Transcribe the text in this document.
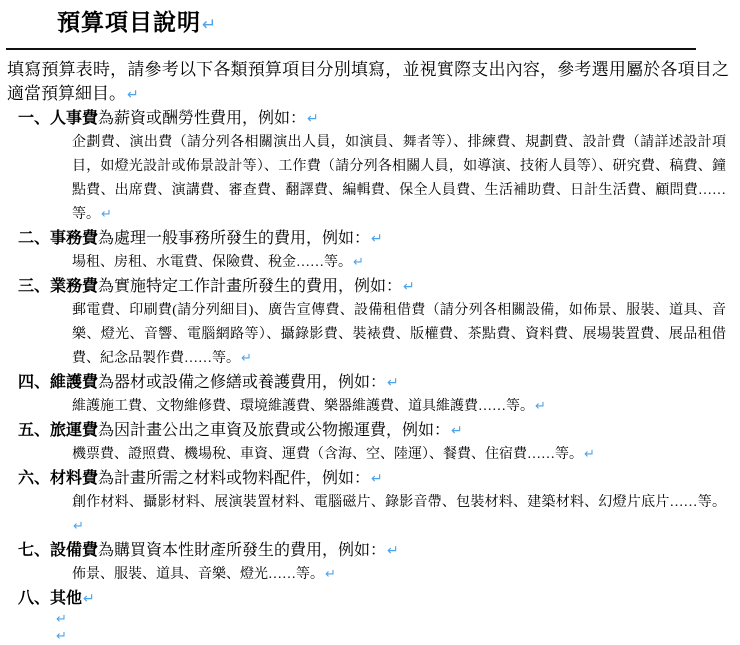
預算項目說明↵

填寫預算表時，請參考以下各類預算項目分別填寫，並視實際支出內容，參考選用屬於各項目之適當預算細目。↵

一、人事費為薪資或酬勞性費用，例如：↵

企劃費、演出費（請分列各相關演出人員，如演員、舞者等）、排練費、規劃費、設計費（請詳述設計項目，如燈光設計或佈景設計等）、工作費（請分列各相關人員，如導演、技術人員等）、研究費、稿費、鐘點費、出席費、演講費、審查費、翻譯費、編輯費、保全人員費、生活補助費、日計生活費、顧問費……等。↵

二、事務費為處理一般事務所發生的費用，例如：↵

場租、房租、水電費、保險費、稅金……等。↵

三、業務費為實施特定工作計畫所發生的費用，例如：↵

郵電費、印刷費(請分列細目)、廣告宣傳費、設備租借費（請分列各相關設備，如佈景、服裝、道具、音樂、燈光、音響、電腦網路等）、攝錄影費、裝裱費、版權費、茶點費、資料費、展場裝置費、展品租借費、紀念品製作費……等。↵

四、維護費為器材或設備之修繕或養護費用，例如：↵

維護施工費、文物維修費、環境維護費、樂器維護費、道具維護費……等。↵

五、旅運費為因計畫公出之車資及旅費或公物搬運費，例如：↵

機票費、證照費、機場稅、車資、運費（含海、空、陸運）、餐費、住宿費……等。↵

六、材料費為計畫所需之材料或物料配件，例如：↵

創作材料、攝影材料、展演裝置材料、電腦磁片、錄影音帶、包裝材料、建築材料、幻燈片底片……等。↵

七、設備費為購買資本性財產所發生的費用，例如：↵

佈景、服裝、道具、音樂、燈光……等。↵

八、其他↵

↵

↵
